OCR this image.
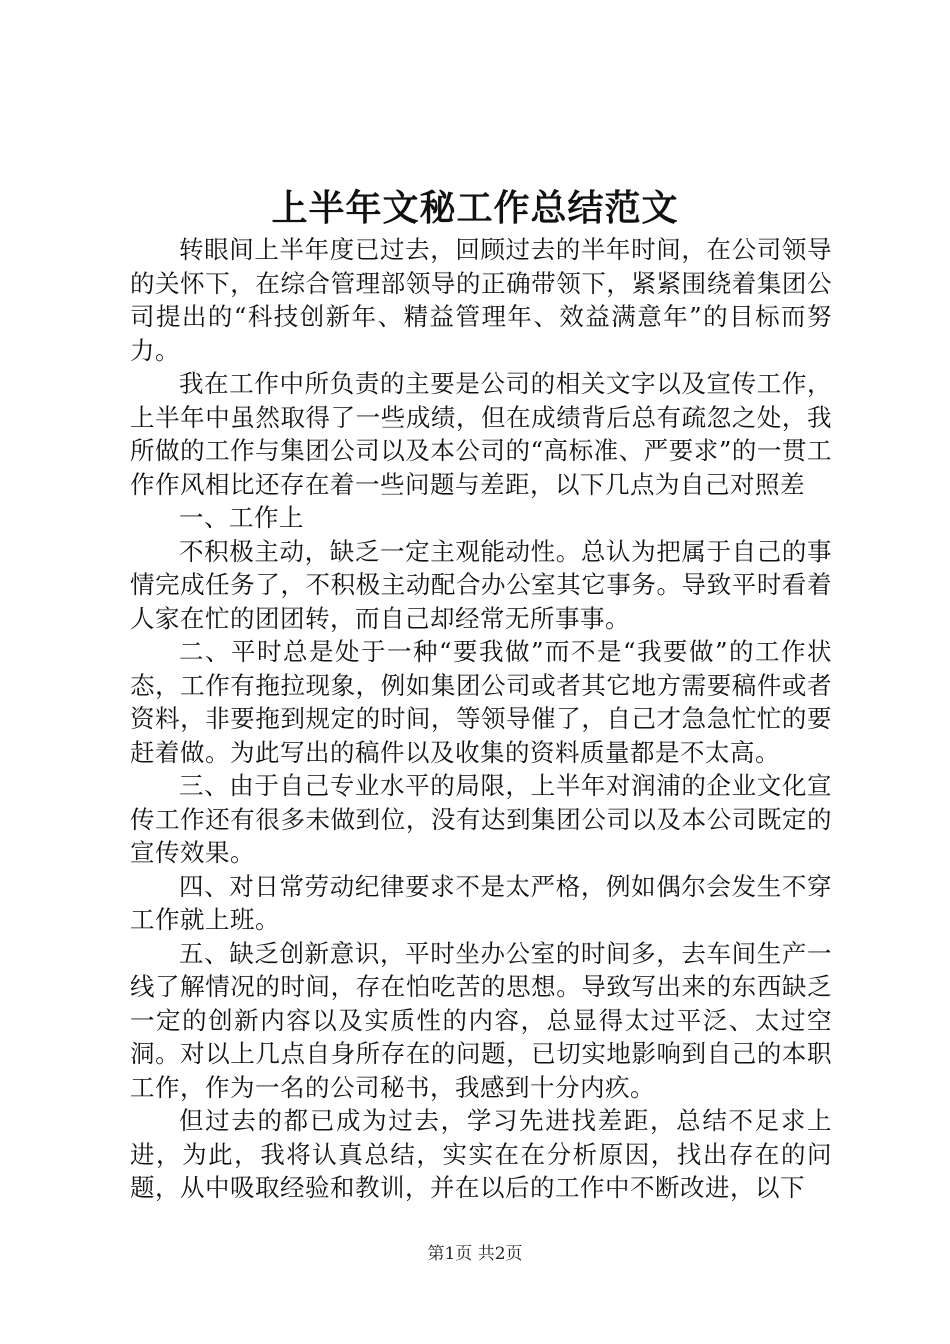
上半年文秘工作总结范文

转眼间上半年度已过去，回顾过去的半年时间，在公司领导的关怀下，在综合管理部领导的正确带领下，紧紧围绕着集团公司提出的“科技创新年、精益管理年、效益满意年”的目标而努力。

我在工作中所负责的主要是公司的相关文字以及宣传工作，上半年中虽然取得了一些成绩，但在成绩背后总有疏忽之处，我所做的工作与集团公司以及本公司的“高标准、严要求”的一贯工作作风相比还存在着一些问题与差距，以下几点为自己对照差

一、工作上

不积极主动，缺乏一定主观能动性。总认为把属于自己的事情完成任务了，不积极主动配合办公室其它事务。导致平时看着人家在忙的团团转，而自己却经常无所事事。

二、平时总是处于一种“要我做”而不是“我要做”的工作状态，工作有拖拉现象，例如集团公司或者其它地方需要稿件或者资料，非要拖到规定的时间，等领导催了，自己才急急忙忙的要赶着做。为此写出的稿件以及收集的资料质量都是不太高。

三、由于自己专业水平的局限，上半年对润浦的企业文化宣传工作还有很多未做到位，没有达到集团公司以及本公司既定的宣传效果。

四、对日常劳动纪律要求不是太严格，例如偶尔会发生不穿工作就上班。

五、缺乏创新意识，平时坐办公室的时间多，去车间生产一线了解情况的时间，存在怕吃苦的思想。导致写出来的东西缺乏一定的创新内容以及实质性的内容，总显得太过平泛、太过空洞。对以上几点自身所存在的问题，已切实地影响到自己的本职工作，作为一名的公司秘书，我感到十分内疚。

但过去的都已成为过去，学习先进找差距，总结不足求上进，为此，我将认真总结，实实在在分析原因，找出存在的问题，从中吸取经验和教训，并在以后的工作中不断改进，以下

第1页 共2页
